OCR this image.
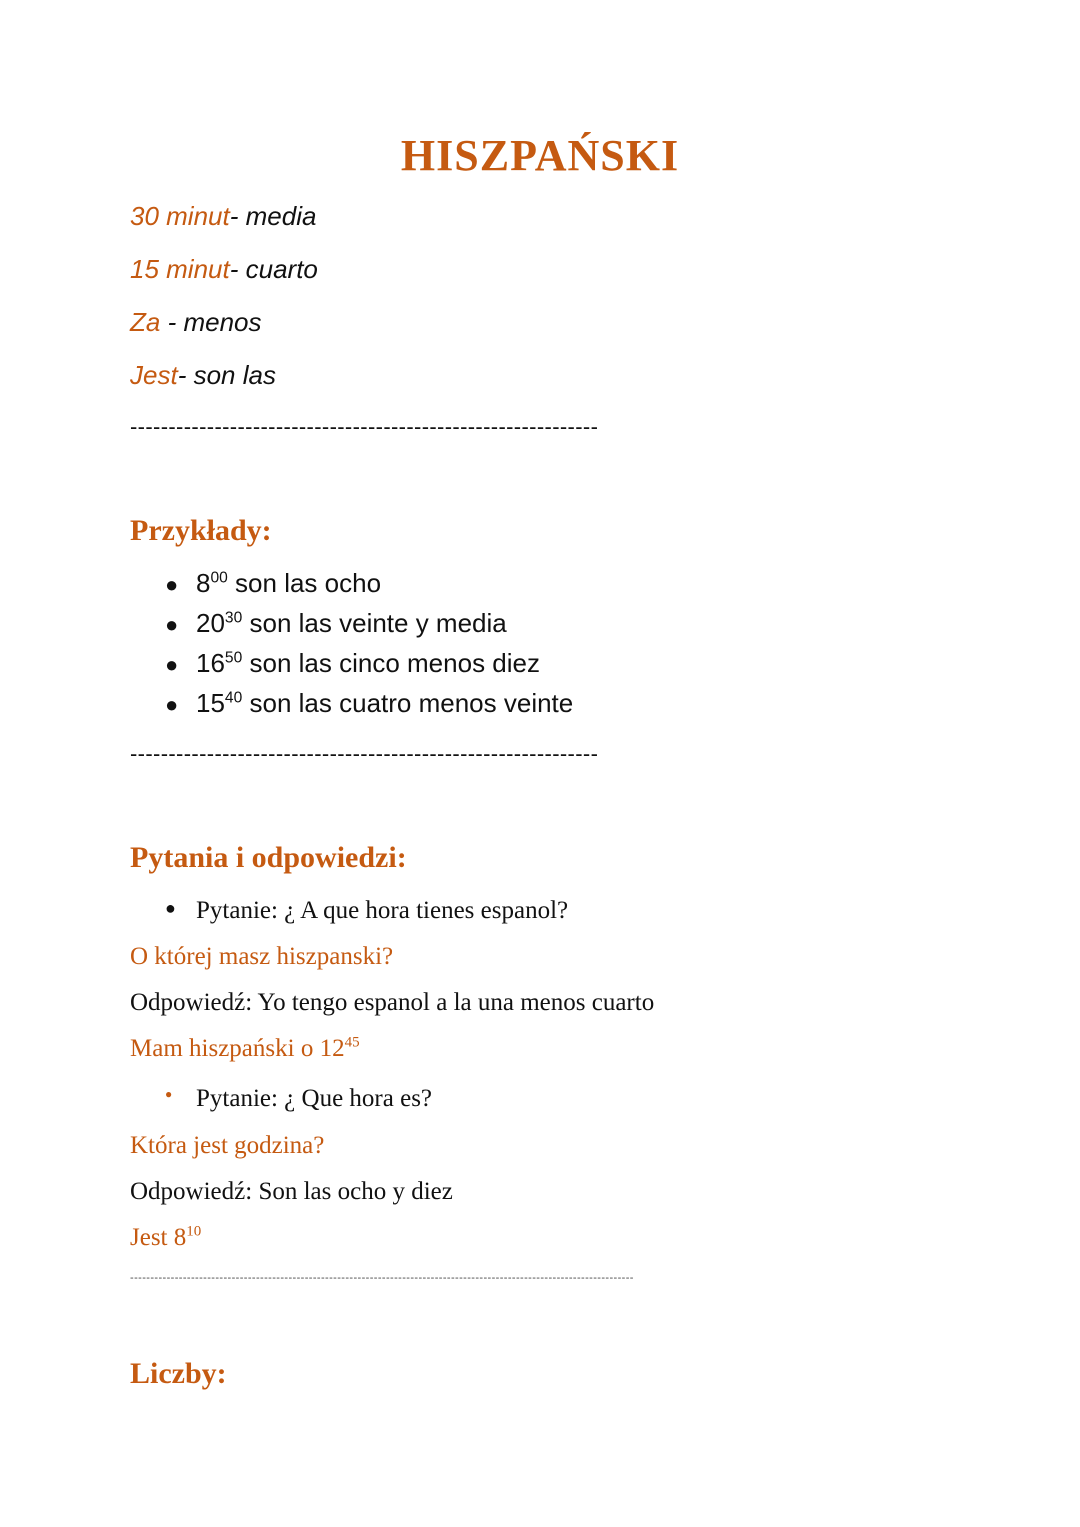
HISZPAŃSKI
30 minut- media
15 minut- cuarto
Za - menos
Jest- son las
-------------------------------------------------------------
Przykłady:
● $8^{00}$ son las ocho
● $20^{30}$ son las veinte y media
● $16^{50}$ son las cinco menos diez
● $15^{40}$ son las cuatro menos veinte
-------------------------------------------------------------
Pytania i odpowiedzi:
● Pytanie: ¿ A que hora tienes espanol?
O której masz hiszpanski?
Odpowiedź: Yo tengo espanol a la una menos cuarto
Mam hiszpański o $12^{45}$
● Pytanie: ¿ Que hora es?
Która jest godzina?
Odpowiedź: Son las ocho y diez
Jest $8^{10}$
----------------------------------------------------------------------------------------------------------------------------
Liczby:
